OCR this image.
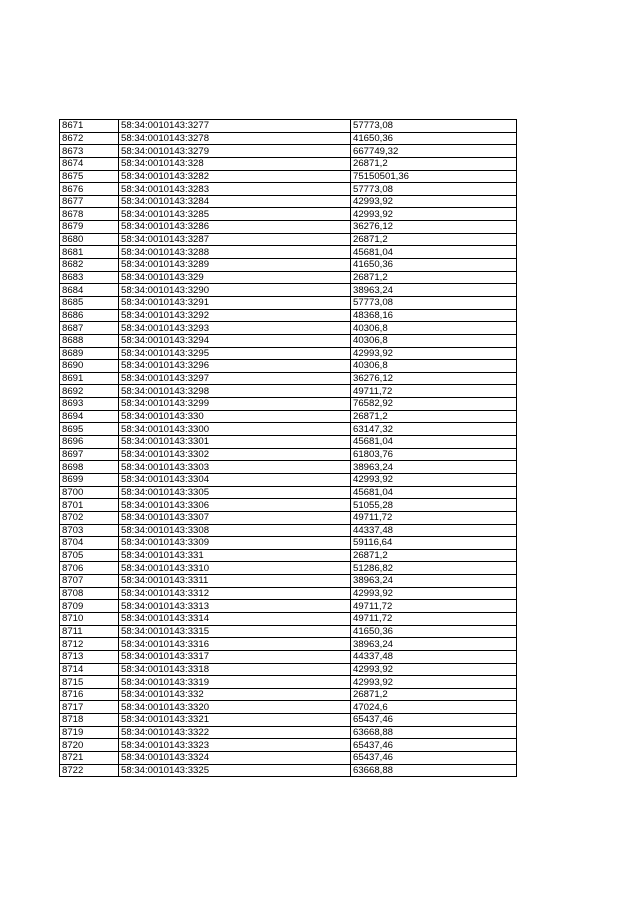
8671	58:34:0010143:3277	57773,08
8672	58:34:0010143:3278	41650,36
8673	58:34:0010143:3279	667749,32
8674	58:34:0010143:328	26871,2
8675	58:34:0010143:3282	75150501,36
8676	58:34:0010143:3283	57773,08
8677	58:34:0010143:3284	42993,92
8678	58:34:0010143:3285	42993,92
8679	58:34:0010143:3286	36276,12
8680	58:34:0010143:3287	26871,2
8681	58:34:0010143:3288	45681,04
8682	58:34:0010143:3289	41650,36
8683	58:34:0010143:329	26871,2
8684	58:34:0010143:3290	38963,24
8685	58:34:0010143:3291	57773,08
8686	58:34:0010143:3292	48368,16
8687	58:34:0010143:3293	40306,8
8688	58:34:0010143:3294	40306,8
8689	58:34:0010143:3295	42993,92
8690	58:34:0010143:3296	40306,8
8691	58:34:0010143:3297	36276,12
8692	58:34:0010143:3298	49711,72
8693	58:34:0010143:3299	76582,92
8694	58:34:0010143:330	26871,2
8695	58:34:0010143:3300	63147,32
8696	58:34:0010143:3301	45681,04
8697	58:34:0010143:3302	61803,76
8698	58:34:0010143:3303	38963,24
8699	58:34:0010143:3304	42993,92
8700	58:34:0010143:3305	45681,04
8701	58:34:0010143:3306	51055,28
8702	58:34:0010143:3307	49711,72
8703	58:34:0010143:3308	44337,48
8704	58:34:0010143:3309	59116,64
8705	58:34:0010143:331	26871,2
8706	58:34:0010143:3310	51286,82
8707	58:34:0010143:3311	38963,24
8708	58:34:0010143:3312	42993,92
8709	58:34:0010143:3313	49711,72
8710	58:34:0010143:3314	49711,72
8711	58:34:0010143:3315	41650,36
8712	58:34:0010143:3316	38963,24
8713	58:34:0010143:3317	44337,48
8714	58:34:0010143:3318	42993,92
8715	58:34:0010143:3319	42993,92
8716	58:34:0010143:332	26871,2
8717	58:34:0010143:3320	47024,6
8718	58:34:0010143:3321	65437,46
8719	58:34:0010143:3322	63668,88
8720	58:34:0010143:3323	65437,46
8721	58:34:0010143:3324	65437,46
8722	58:34:0010143:3325	63668,88
